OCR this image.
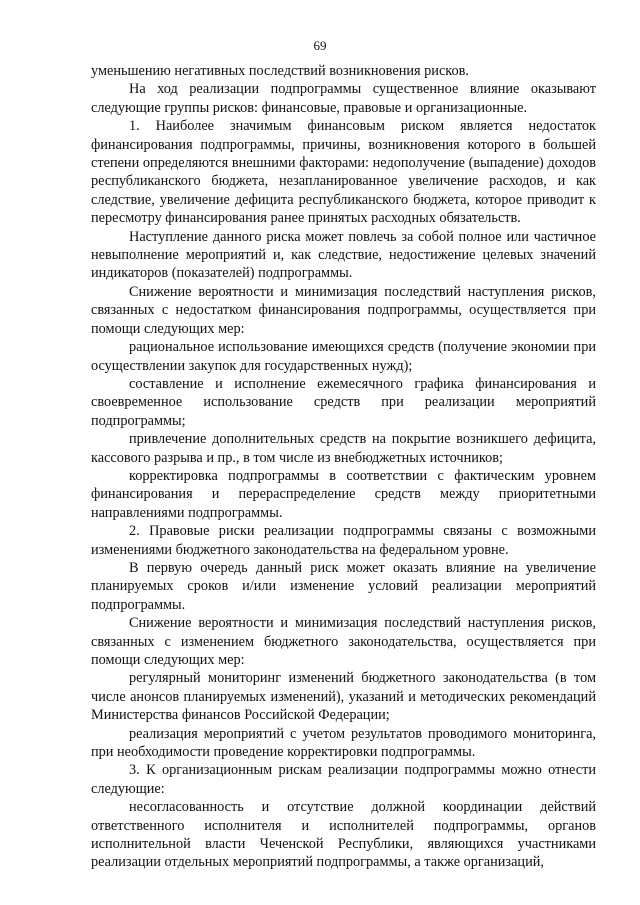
69

уменьшению негативных последствий возникновения рисков.

На ход реализации подпрограммы существенное влияние оказывают следующие группы рисков: финансовые, правовые и организационные.

1. Наиболее значимым финансовым риском является недостаток финансирования подпрограммы, причины, возникновения которого в большей степени определяются внешними факторами: недополучение (выпадение) доходов республиканского бюджета, незапланированное увеличение расходов, и как следствие, увеличение дефицита республиканского бюджета, которое приводит к пересмотру финансирования ранее принятых расходных обязательств.

Наступление данного риска может повлечь за собой полное или частичное невыполнение мероприятий и, как следствие, недостижение целевых значений индикаторов (показателей) подпрограммы.

Снижение вероятности и минимизация последствий наступления рисков, связанных с недостатком финансирования подпрограммы, осуществляется при помощи следующих мер:

рациональное использование имеющихся средств (получение экономии при осуществлении закупок для государственных нужд);

составление и исполнение ежемесячного графика финансирования и своевременное использование средств при реализации мероприятий подпрограммы;

привлечение дополнительных средств на покрытие возникшего дефицита, кассового разрыва и пр., в том числе из внебюджетных источников;

корректировка подпрограммы в соответствии с фактическим уровнем финансирования и перераспределение средств между приоритетными направлениями подпрограммы.

2. Правовые риски реализации подпрограммы связаны с возможными изменениями бюджетного законодательства на федеральном уровне.

В первую очередь данный риск может оказать влияние на увеличение планируемых сроков и/или изменение условий реализации мероприятий подпрограммы.

Снижение вероятности и минимизация последствий наступления рисков, связанных с изменением бюджетного законодательства, осуществляется при помощи следующих мер:

регулярный мониторинг изменений бюджетного законодательства (в том числе анонсов планируемых изменений), указаний и методических рекомендаций Министерства финансов Российской Федерации;

реализация мероприятий с учетом результатов проводимого мониторинга, при необходимости проведение корректировки подпрограммы.

3. К организационным рискам реализации подпрограммы можно отнести следующие:

несогласованность и отсутствие должной координации действий ответственного исполнителя и исполнителей подпрограммы, органов исполнительной власти Чеченской Республики, являющихся участниками реализации отдельных мероприятий подпрограммы, а также организаций,
